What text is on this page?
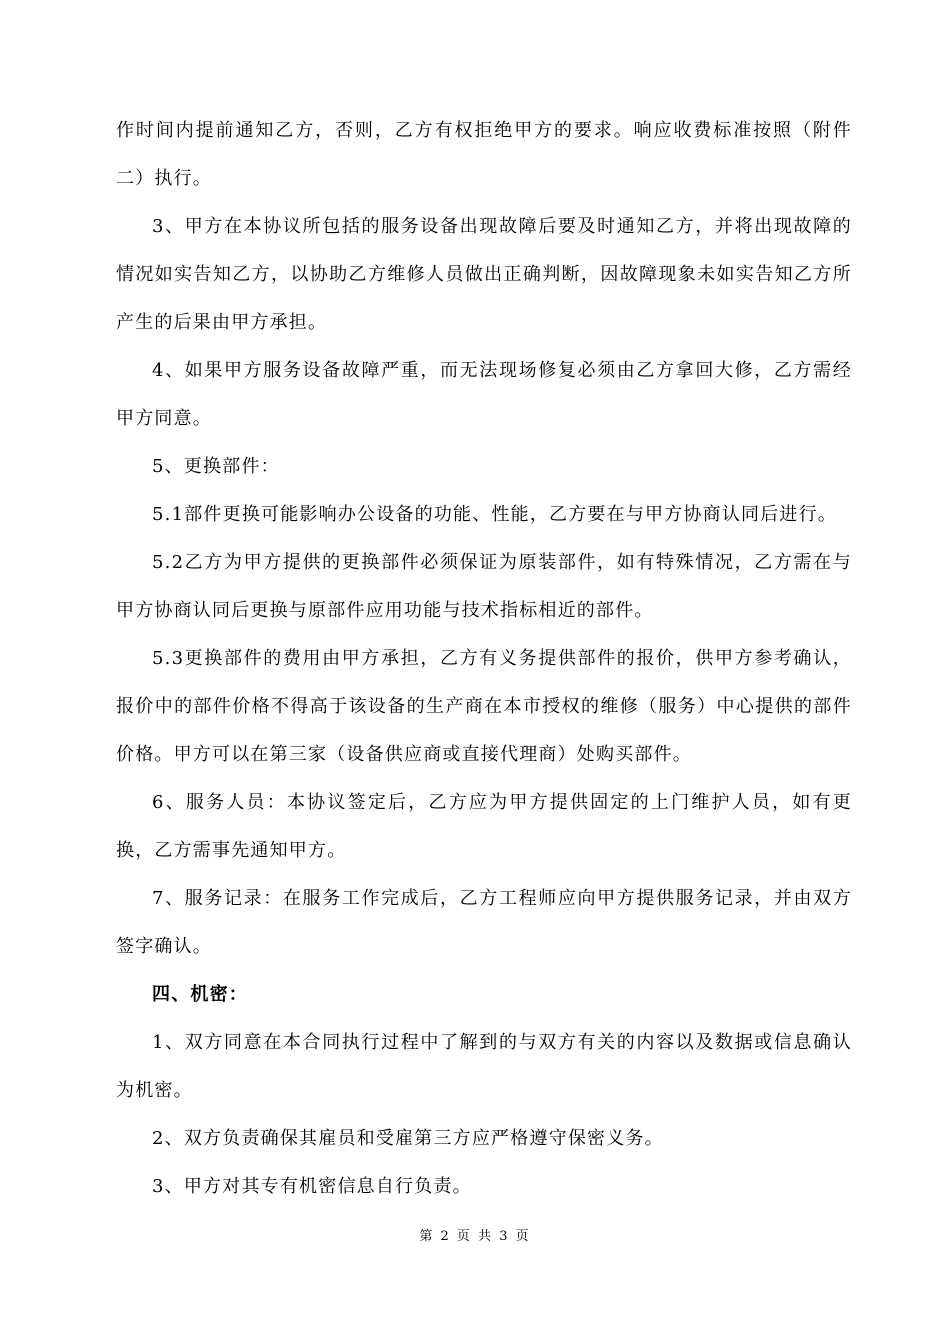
作时间内提前通知乙方，否则，乙方有权拒绝甲方的要求。响应收费标准按照（附件二）执行。

3、甲方在本协议所包括的服务设备出现故障后要及时通知乙方，并将出现故障的情况如实告知乙方，以协助乙方维修人员做出正确判断，因故障现象未如实告知乙方所产生的后果由甲方承担。

4、如果甲方服务设备故障严重，而无法现场修复必须由乙方拿回大修，乙方需经甲方同意。

5、更换部件：

5.1部件更换可能影响办公设备的功能、性能，乙方要在与甲方协商认同后进行。

5.2乙方为甲方提供的更换部件必须保证为原装部件，如有特殊情况，乙方需在与甲方协商认同后更换与原部件应用功能与技术指标相近的部件。

5.3更换部件的费用由甲方承担，乙方有义务提供部件的报价，供甲方参考确认，报价中的部件价格不得高于该设备的生产商在本市授权的维修（服务）中心提供的部件价格。甲方可以在第三家（设备供应商或直接代理商）处购买部件。

6、服务人员：本协议签定后，乙方应为甲方提供固定的上门维护人员，如有更换，乙方需事先通知甲方。

7、服务记录：在服务工作完成后，乙方工程师应向甲方提供服务记录，并由双方签字确认。

四、机密：

1、双方同意在本合同执行过程中了解到的与双方有关的内容以及数据或信息确认为机密。

2、双方负责确保其雇员和受雇第三方应严格遵守保密义务。

3、甲方对其专有机密信息自行负责。

第 2 页 共 3 页
